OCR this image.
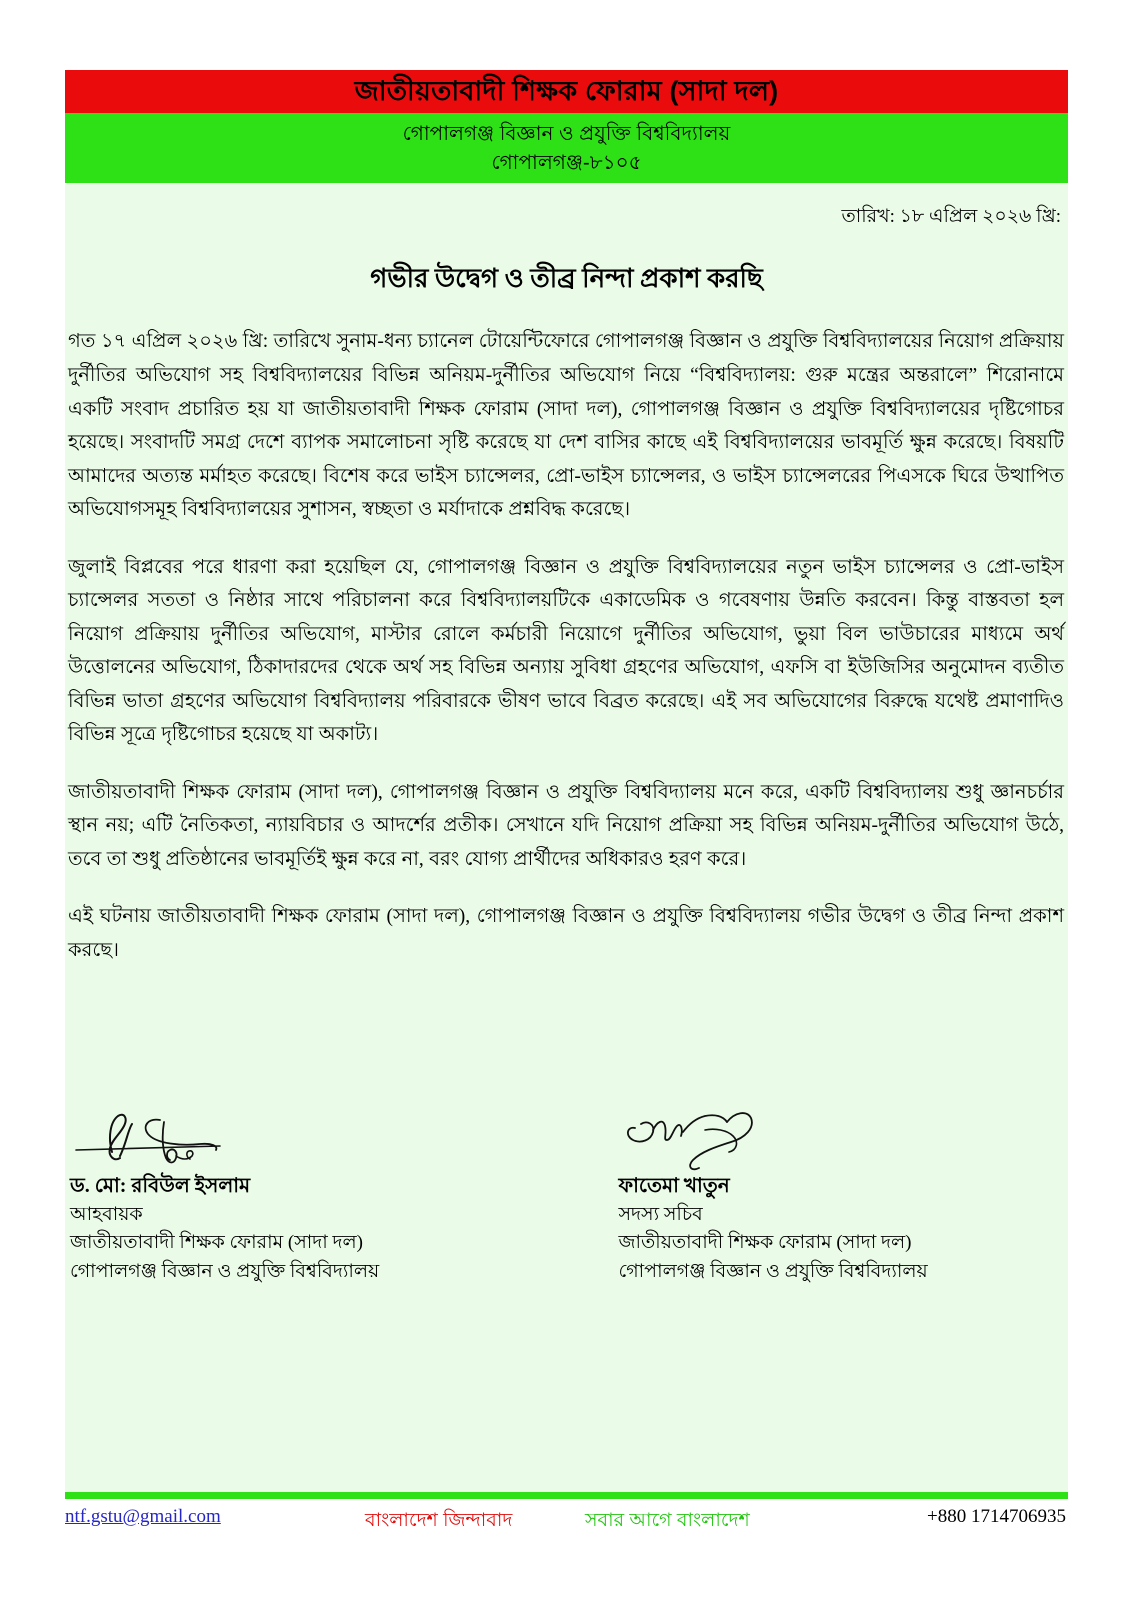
জাতীয়তাবাদী শিক্ষক ফোরাম (সাদা দল)
গোপালগঞ্জ বিজ্ঞান ও প্রযুক্তি বিশ্ববিদ্যালয়
গোপালগঞ্জ-৮১০৫
তারিখ: ১৮ এপ্রিল ২০২৬ খ্রি:
গভীর উদ্বেগ ও তীব্র নিন্দা প্রকাশ করছি

গত ১৭ এপ্রিল ২০২৬ খ্রি: তারিখে সুনাম-ধন্য চ্যানেল টোয়েন্টিফোরে গোপালগঞ্জ বিজ্ঞান ও প্রযুক্তি বিশ্ববিদ্যালয়ের নিয়োগ প্রক্রিয়ায় দুর্নীতির অভিযোগ সহ বিশ্ববিদ্যালয়ের বিভিন্ন অনিয়ম-দুর্নীতির অভিযোগ নিয়ে “বিশ্ববিদ্যালয়: গুরু মন্ত্রের অন্তরালে” শিরোনামে একটি সংবাদ প্রচারিত হয় যা জাতীয়তাবাদী শিক্ষক ফোরাম (সাদা দল), গোপালগঞ্জ বিজ্ঞান ও প্রযুক্তি বিশ্ববিদ্যালয়ের দৃষ্টিগোচর হয়েছে। সংবাদটি সমগ্র দেশে ব্যাপক সমালোচনা সৃষ্টি করেছে যা দেশ বাসির কাছে এই বিশ্ববিদ্যালয়ের ভাবমূর্তি ক্ষুন্ন করেছে। বিষয়টি আমাদের অত্যন্ত মর্মাহত করেছে। বিশেষ করে ভাইস চ্যান্সেলর, প্রো-ভাইস চ্যান্সেলর, ও ভাইস চ্যান্সেলরের পিএসকে ঘিরে উত্থাপিত অভিযোগসমূহ বিশ্ববিদ্যালয়ের সুশাসন, স্বচ্ছতা ও মর্যাদাকে প্রশ্নবিদ্ধ করেছে।

জুলাই বিপ্লবের পরে ধারণা করা হয়েছিল যে, গোপালগঞ্জ বিজ্ঞান ও প্রযুক্তি বিশ্ববিদ্যালয়ের নতুন ভাইস চ্যান্সেলর ও প্রো-ভাইস চ্যান্সেলর সততা ও নিষ্ঠার সাথে পরিচালনা করে বিশ্ববিদ্যালয়টিকে একাডেমিক ও গবেষণায় উন্নতি করবেন। কিন্তু বাস্তবতা হল নিয়োগ প্রক্রিয়ায় দুর্নীতির অভিযোগ, মাস্টার রোলে কর্মচারী নিয়োগে দুর্নীতির অভিযোগ, ভুয়া বিল ভাউচারের মাধ্যমে অর্থ উত্তোলনের অভিযোগ, ঠিকাদারদের থেকে অর্থ সহ বিভিন্ন অন্যায় সুবিধা গ্রহণের অভিযোগ, এফসি বা ইউজিসির অনুমোদন ব্যতীত বিভিন্ন ভাতা গ্রহণের অভিযোগ বিশ্ববিদ্যালয় পরিবারকে ভীষণ ভাবে বিব্রত করেছে। এই সব অভিযোগের বিরুদ্ধে যথেষ্ট প্রমাণাদিও বিভিন্ন সূত্রে দৃষ্টিগোচর হয়েছে যা অকাট্য।

জাতীয়তাবাদী শিক্ষক ফোরাম (সাদা দল), গোপালগঞ্জ বিজ্ঞান ও প্রযুক্তি বিশ্ববিদ্যালয় মনে করে, একটি বিশ্ববিদ্যালয় শুধু জ্ঞানচর্চার স্থান নয়; এটি নৈতিকতা, ন্যায়বিচার ও আদর্শের প্রতীক। সেখানে যদি নিয়োগ প্রক্রিয়া সহ বিভিন্ন অনিয়ম-দুর্নীতির অভিযোগ উঠে, তবে তা শুধু প্রতিষ্ঠানের ভাবমূর্তিই ক্ষুন্ন করে না, বরং যোগ্য প্রার্থীদের অধিকারও হরণ করে।

এই ঘটনায় জাতীয়তাবাদী শিক্ষক ফোরাম (সাদা দল), গোপালগঞ্জ বিজ্ঞান ও প্রযুক্তি বিশ্ববিদ্যালয় গভীর উদ্বেগ ও তীব্র নিন্দা প্রকাশ করছে।

ড. মো: রবিউল ইসলাম
আহবায়ক
জাতীয়তাবাদী শিক্ষক ফোরাম (সাদা দল)
গোপালগঞ্জ বিজ্ঞান ও প্রযুক্তি বিশ্ববিদ্যালয়
ফাতেমা খাতুন
সদস্য সচিব
জাতীয়তাবাদী শিক্ষক ফোরাম (সাদা দল)
গোপালগঞ্জ বিজ্ঞান ও প্রযুক্তি বিশ্ববিদ্যালয়
ntf.gstu@gmail.com	বাংলাদেশ জিন্দাবাদ	সবার আগে বাংলাদেশ	+880 1714706935
